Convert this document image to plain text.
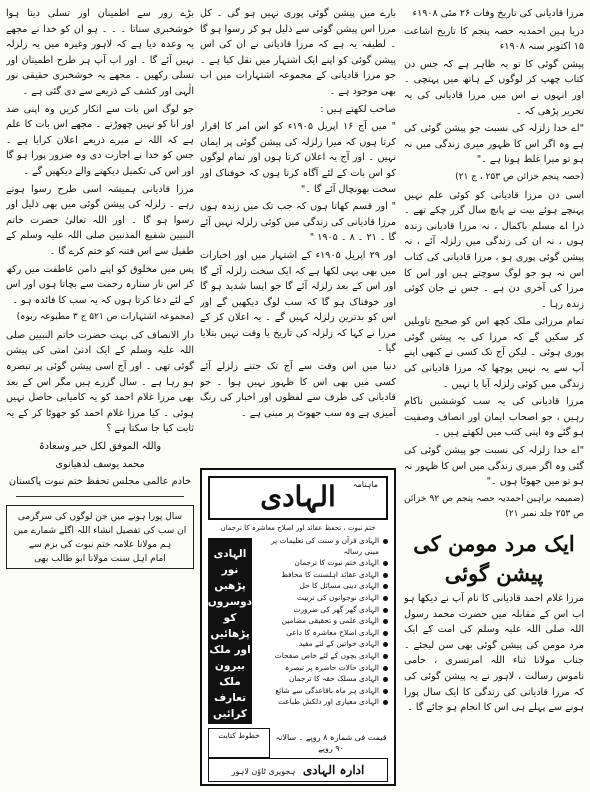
مرزا قادیانی کی تاریخ وفات ۲۶ مئی ۱۹۰۸ء

دریا ہین احمدیہ حصہ پنجم کا تاریخ اشاعت ۱۵ اکتوبر سنہ ۱۹۰۸ء

پیشن گوئی کا تو یہ ظاہر ہے کہ جس دن کتاب چھپ کر لوگوں کے ہاتھ میں پہنچی ۔ اور انہوں نے اس میں مرزا قادیانی کی یہ تحریر پڑھی کہ ۔

"اے خدا زلزلہ کی نسبت جو پیشن گوئی کی ہے وہ اگر اس کا ظہور میری زندگی میں نہ ہو تو میرا غلط ہونا ہے ۔"

(حصہ پنجم خزائن ص ۲۵۳ ، ج ۲۱)

اسی دن مرزا قادیانی کو کوئی علم نہیں پہنچے ہوئے بیت نے پانچ سال گزر چکے تھے ۔ ذرا اے مسلم باکمال ، نہ مرزا قادیانی زندہ ہوں ، نہ ان کی زندگی میں زلزلہ آئے ، نہ پیشن گوئی پوری ہو ، مرزا قادیانی کی کتاب اس نہ ہو جو لوگ سوچتے ہیں اور اس کا مرزا کی آخری دن ہے ۔ جس نے جان کوئی زندہ رہا ۔

تمام مرزائی ملک کچھ اس کو صحیح تاویلیں کر سکیں گے کہ مرزا کی یہ پیشن گوئی پوری ہوئی ۔ لیکن آج تک کسی نے کبھی اپنے آپ سے یہ نہیں پوچھا کہ مرزا قادیانی کی زندگی میں کوئی زلزلہ آیا یا نہیں ۔

مرزا قادیانی کی یہ سب کوششیں ناکام رہیں ، جو اصحاب ایمان اور انصاف وصفیت ہو گئے وہ اپنی کتب میں لکھتے ہیں ۔

"اے خدا زلزلہ کی نسبت جو پیشن گوئی کی گئی وہ اگر میری زندگی میں اس کا ظہور نہ ہو تو میں جھوٹا ہوں ۔"

(ضمیمہ براہین احمدیہ حصہ پنجم ص ۹۲ خزائن ص ۲۵۳ جلد نمبر ۲۱)

ایک مرد مومن کی پیشن گوئی

مرزا غلام احمد قادیانی کا نام آپ نے دیکھا ہو اب اس کے مقابلہ میں حضرت محمد رسول اللہ صلی اللہ علیہ وسلم کی امت کے ایک مرد مومن کی پیشن گوئی بھی سن لیجئے ۔ جناب مولانا ثناء اللہ امرتسری ، حامی ناموس رسالت ، لاہور نے یہ پیشن گوئی کی کہ مرزا قادیانی کی زندگی کا ایک سال پورا ہونے سے پہلے ہی اس کا انجام ہو جائے گا ۔

بارے میں پیشن گوئی پوری نہیں ہو گی ۔ کل مرزا اس پیشن گوئی سے ذلیل ہو کر رسوا ہو گا ۔ لطیفہ یہ ہے کہ مرزا قادیانی نے ان کی اس پیشن گوئی کو اپنے ایک اشتہار میں نقل کیا ہے ۔ جو مرزا قادیانی کے مجموعہ اشتہارات میں اب بھی موجود ہے ۔

صاحب لکھتے ہیں :

" میں آج ۱۶ اپریل ۱۹۰۵ء کو اس امر کا اقرار کرتا ہوں کہ میرا زلزلہ کی پیشن گوئی پر ایمان نہیں ۔ اور آج یہ اعلان کرتا ہوں اور تمام لوگوں کو اس بات کے لئے آگاہ کرتا ہوں کہ خوفناک اور سخت بھونچال آئے گا ۔"

" اور قسم کھاتا ہوں کہ جب تک میں زندہ ہوں مرزا قادیانی کی زندگی میں کوئی زلزلہ نہیں آئے گا ۔ ۲۱ ۔ ۸ ۔ ۱۹۰۵ "

اور ۲۹ اپریل ۱۹۰۵ء کے اشتہار میں اور اخبارات میں بھی یہی لکھا ہے کہ ایک سخت زلزلہ آئے گا اور اس کے بعد زلزلہ آئے گا جو ایسا شدید ہو گا اور خوفناک ہو گا کہ سب لوگ دیکھیں گے اور اس کو بدترین زلزلہ کہیں گے ۔ یہ اعلان کر کے مرزا نے کہا کہ زلزلہ کی تاریخ یا وقت نہیں بتلایا گیا ۔

دنیا میں اس وقت سے آج تک جتنے زلزلے آئے کسی میں بھی اس کا ظہور نہیں ہوا ۔ جو قادیانی کی طرف سے لفظوں اور اخبار کی رنگ آمیزی ہے وہ سب جھوٹ پر مبنی ہے ۔

ماہنامہ
الہادی
ختم نبوت ، تحفظ عقائد اور اصلاح معاشرہ کا ترجمان
الہادی قرآن و سنت کی تعلیمات پر مبنی رسالہ
الہادی ختم نبوت کا ترجمان
الہادی عقائد اہلسنت کا محافظ
الہادی دینی مسائل کا حل
الہادی نوجوانوں کی تربیت
الہادی گھر گھر کی ضرورت
الہادی علمی و تحقیقی مضامین
الہادی اصلاح معاشرہ کا داعی
الہادی خواتین کے لئے مفید
الہادی بچوں کے لئے خاص صفحات
الہادی حالات حاضرہ پر تبصرہ
الہادی مسلک حقہ کا ترجمان
الہادی ہر ماہ باقاعدگی سے شائع
الہادی معیاری اور دلکش طباعت
الہادی نور پڑھیں دوسروں کو پڑھائیں اور ملک بیرون ملک تعارف کرائیں
خطوط کتابت	قیمت فی شمارہ ۸ روپے ۔ سالانہ ۹۰ روپے
ادارہ الہادی   ہجویری ٹاؤن لاہور

بڑے زور سے اطمینان اور تسلی دیتا ہوا خوشخبری سناتا ۔ ۔ ۔ ہو ان کو خدا نے مجھے یہ وعدہ دیا ہے کہ لاہور وغیرہ میں یہ زلزلہ نہیں آئے گا ۔ اور اب آپ ہر طرح اطمینان اور تسلی رکھیں ۔ مجھے یہ خوشخبری حقیقی نور الٰہی اور کشف کے ذریعے سے دی گئی ہے ۔

جو لوگ اس بات سے انکار کریں وہ اپنی ضد اور انا کو نہیں چھوڑتے ۔ مجھے اس بات کا علم ہے کہ اللہ نے میرے ذریعے اعلان کرایا ہے ۔ جس کو خدا نے اجازت دی وہ ضرور پورا ہو گا اور اس کی تکمیل دیکھنے والے دیکھیں گے ۔

مرزا قادیانی ہمیشہ اسی طرح رسوا ہوتے رہے ۔ زلزلہ کی پیشن گوئی میں بھی ذلیل اور رسوا ہو گا ۔ اور اللہ تعالیٰ حضرت خاتم النبیین شفیع المذنبین صلی اللہ علیہ وسلم کے طفیل سے اس فتنہ کو ختم کرے گا ۔

پس میں مخلوق کو اپنے دامن عاطفت میں رکھ کر اس نار ستارہ رحمت سے بچاتا ہوں اور اس کے لئے دعا کرتا ہوں کہ یہ سب کا فائدہ ہو ۔

(مجموعہ اشتہارات ص ۵۲۱ ج ۳ مطبوعہ ربوہ)

دار الانصاف کی بہت حضرت خاتم النبیین صلی اللہ علیہ وسلم کے ایک ادنیٰ امتی کی پیشن گوئی تھی ۔ اور آج اسی پیشن گوئی پر تبصرہ ہو رہا ہے ۔ سال گزرے ہیں مگر اس کے بعد بھی مرزا غلام احمد کو یہ کامیابی حاصل نہیں ہوئی ۔ کیا مرزا غلام احمد کو جھوٹا کر کے یہ ثابت کیا جا سکتا ہے ؟

واللہ الموفق لکل خیر وسعادۃ

محمد یوسف لدھیانوی

خادم عالمی مجلس تحفظ ختم نبوت پاکستان

سال پورا ہونے میں جن لوگوں کی سرگرمی
ان سب کی تفصیل انشاء اللہ اگلے شمارے میں
ہم مولانا علامہ ختم نبوت کی بزم سے
امام اہل سنت مولانا ابو طالب بھی
